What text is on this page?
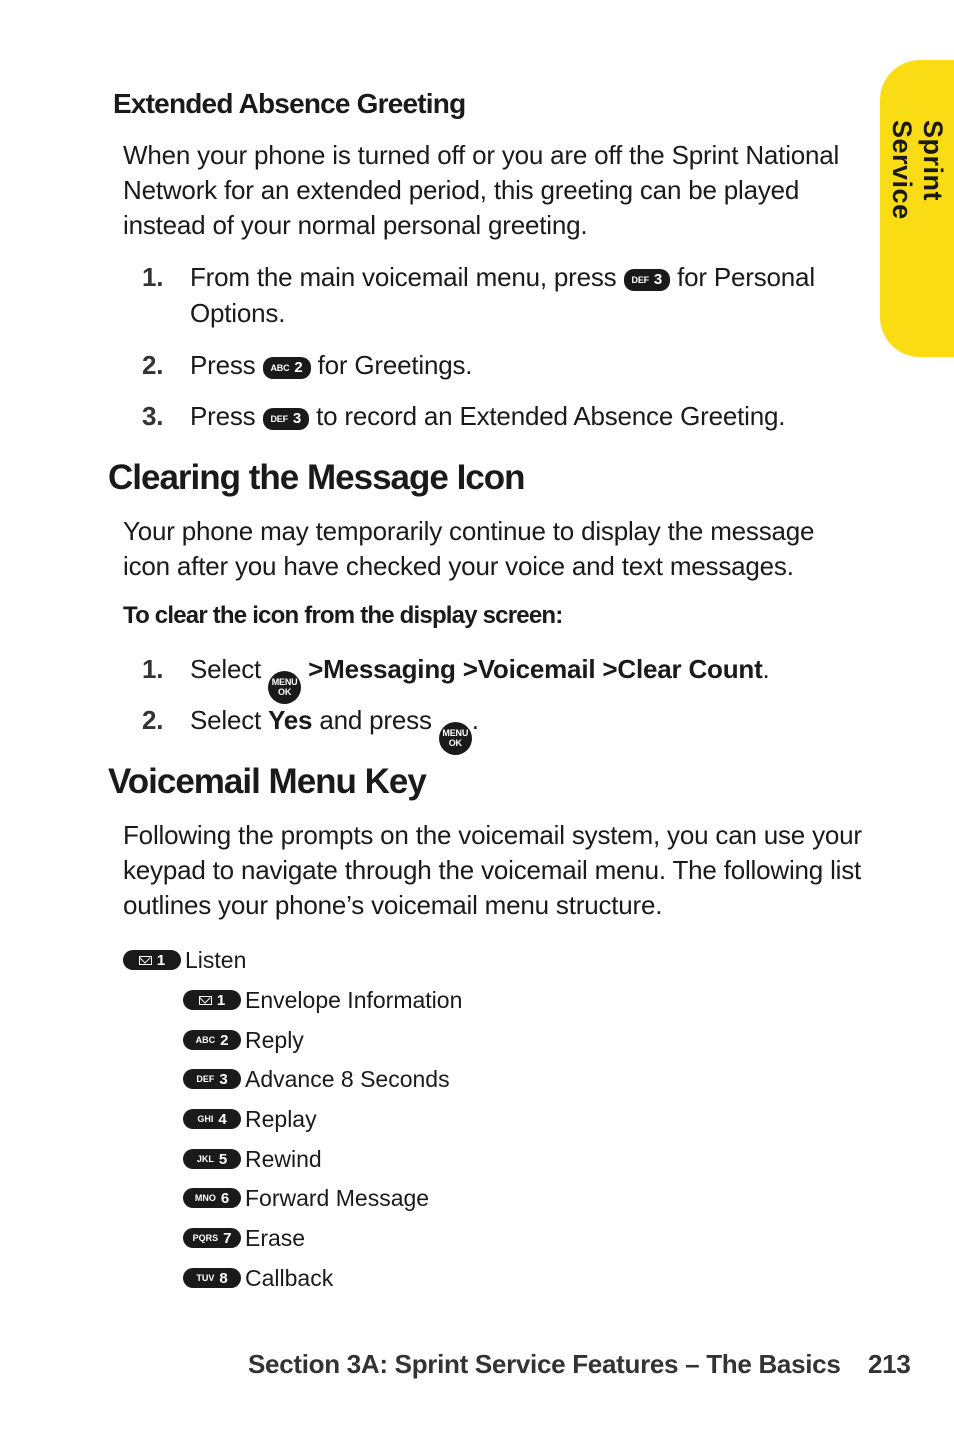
Sprint Service
Extended Absence Greeting
When your phone is turned off or you are off the Sprint National Network for an extended period, this greeting can be played instead of your normal personal greeting.
1.	From the main voicemail menu, press DEF 3 for Personal Options.
2.	Press ABC 2 for Greetings.
3.	Press DEF 3 to record an Extended Absence Greeting.
Clearing the Message Icon
Your phone may temporarily continue to display the message icon after you have checked your voice and text messages.
To clear the icon from the display screen:
1.	Select MENU
OK
>Messaging >Voicemail >Clear Count.
2.	Select Yes and press MENU
OK
.
Voicemail Menu Key
Following the prompts on the voicemail system, you can use your keypad to navigate through the voicemail menu. The following list outlines your phone’s voicemail menu structure.
1 Listen
1 Envelope Information
ABC 2 Reply
DEF 3 Advance 8 Seconds
GHI 4 Replay
JKL 5 Rewind
MNO 6 Forward Message
PQRS 7 Erase
TUV 8 Callback
Section 3A: Sprint Service Features – The Basics 213
